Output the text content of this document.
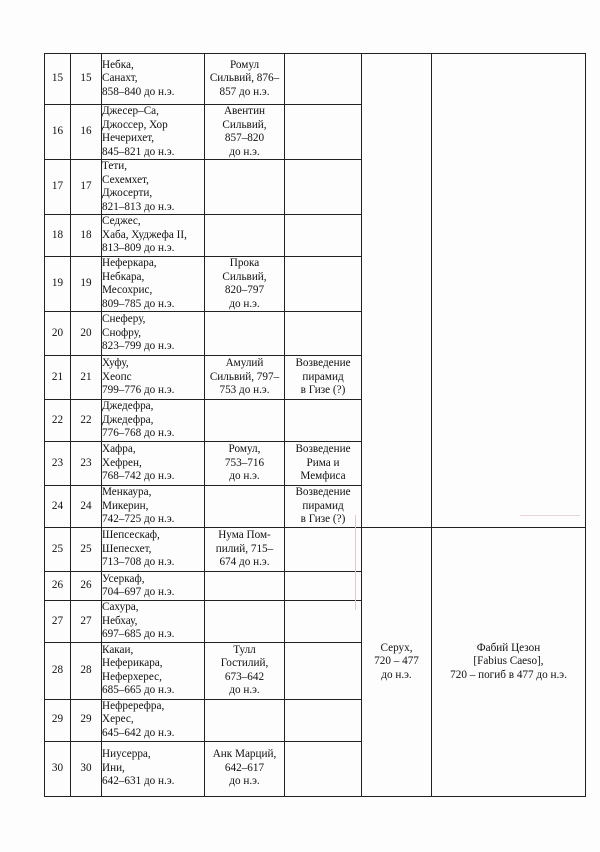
15	15	Небка,
Санахт,
858–840 до н.э.	Ромул
Сильвий, 876–
857 до н.э.			

16	16	Джесер–Са,
Джоссер, Хор
Нечерихет,
845–821 до н.э.	Авентин
Сильвий,
857–820
до н.э.			

17	17	Тети,
Сехемхет,
Джосерти,
821–813 до н.э.				

18	18	Седжес,
Хаба, Худжефа II,
813–809 до н.э.				

19	19	Неферкара,
Небкара,
Месохрис,
809–785 до н.э.	Прока
Сильвий,
820–797
до н.э.			

20	20	Снеферу,
Снофру,
823–799 до н.э.				

21	21	Хуфу,
Хеопс
799–776 до н.э.	Амулий
Сильвий, 797–
753 до н.э.	Возведение
пирамид
в Гизе (?)		

22	22	Джедефра,
Джедефра,
776–768 до н.э.				

23	23	Хафра,
Хефрен,
768–742 до н.э.	Ромул,
753–716
до н.э.	Возведение
Рима и
Мемфиса		

24	24	Менкаура,
Микерин,
742–725 до н.э.		Возведение
пирамид
в Гизе (?)		

25	25	Шепсескаф,
Шепесхет,
713–708 до н.э.	Нума Пом-
пилий, 715–
674 до н.э.		Серух,
720 – 477
до н.э.	Фабий Цезон
[Fabius Caeso],
720 – погиб в 477 до н.э.

26	26	Усеркаф,
704–697 до н.э.				

27	27	Сахура,
Небхау,
697–685 до н.э.				

28	28	Какаи,
Неферикара,
Неферхерес,
685–665 до н.э.	Тулл
Гостилий,
673–642
до н.э.			

29	29	Нефререфра,
Херес,
645–642 до н.э.				

30	30	Ниусерра,
Ини,
642–631 до н.э.	Анк Марций,
642–617
до н.э.			
